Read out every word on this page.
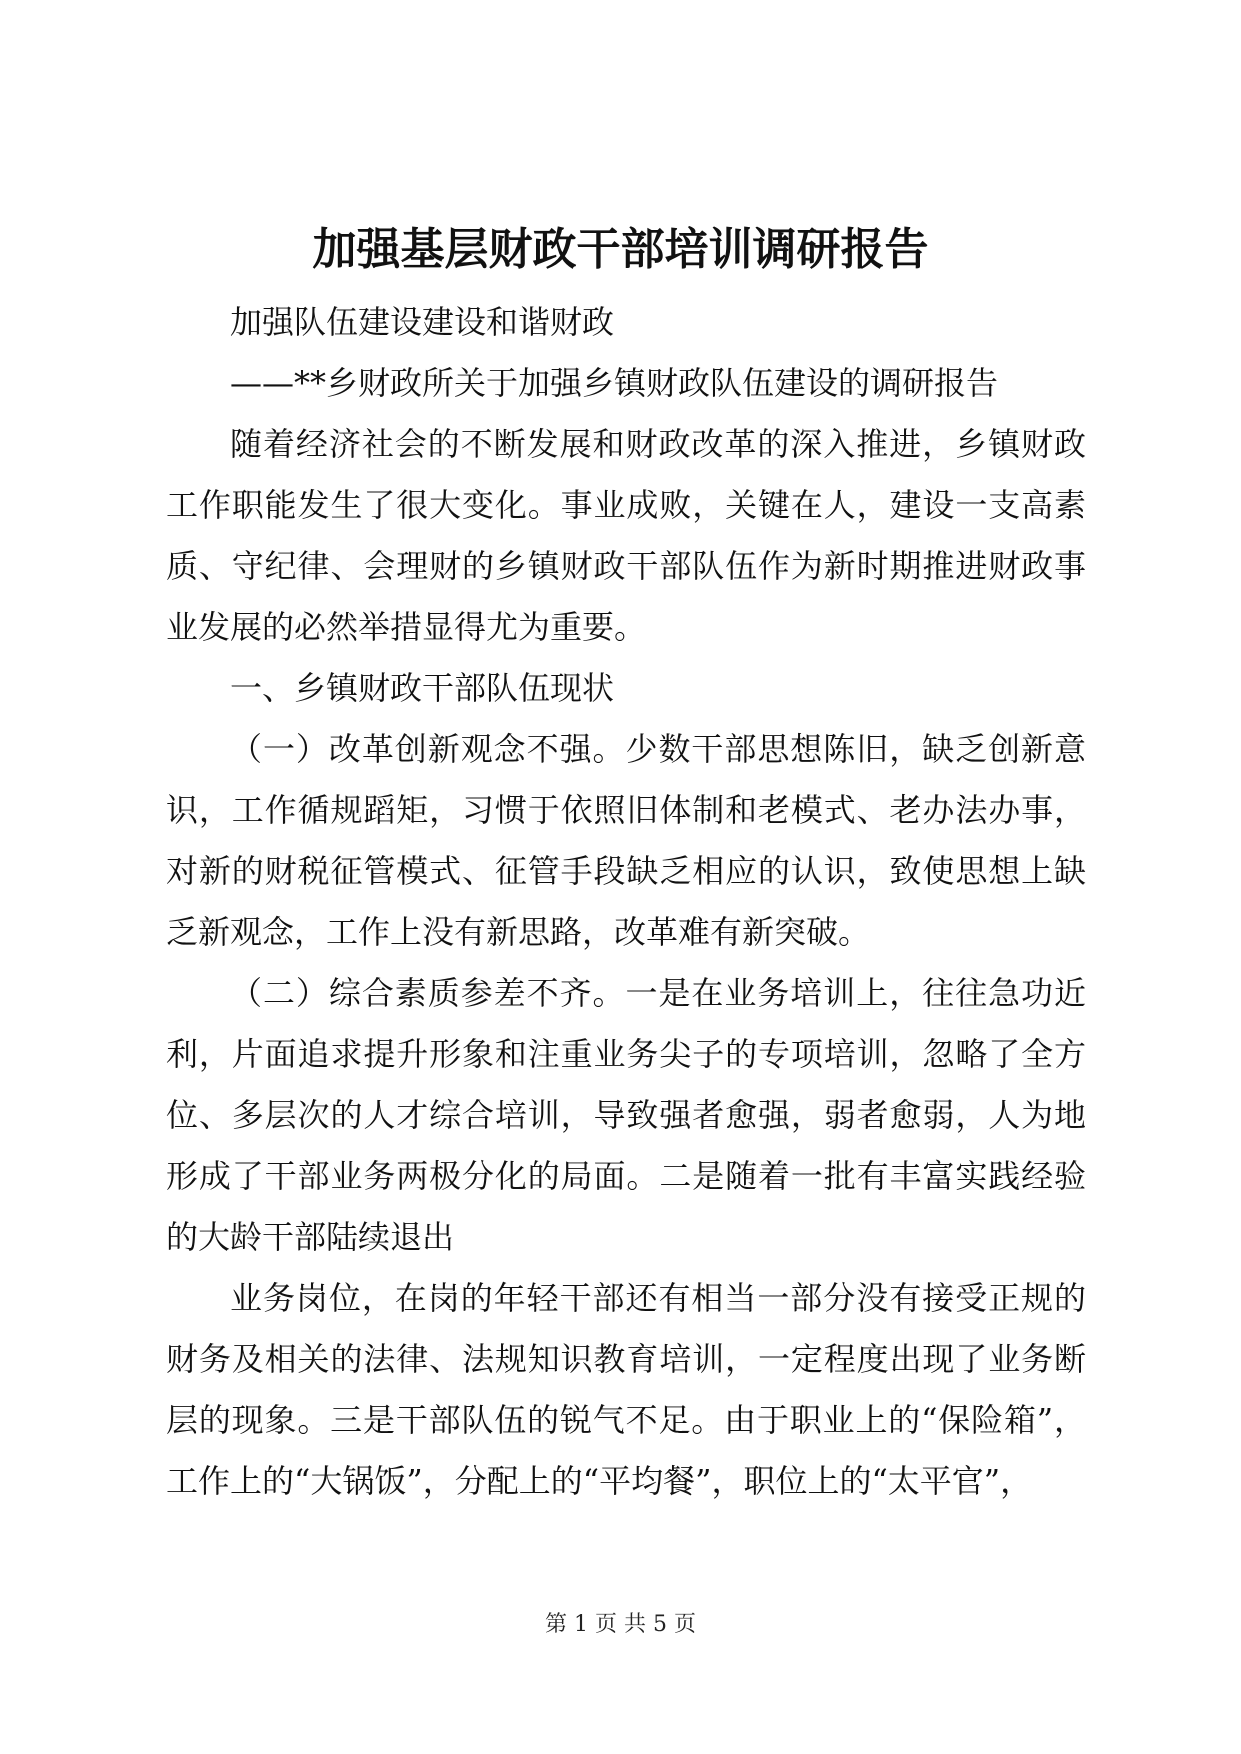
加强基层财政干部培训调研报告

加强队伍建设建设和谐财政

——**乡财政所关于加强乡镇财政队伍建设的调研报告

随着经济社会的不断发展和财政改革的深入推进，乡镇财政工作职能发生了很大变化。事业成败，关键在人，建设一支高素质、守纪律、会理财的乡镇财政干部队伍作为新时期推进财政事业发展的必然举措显得尤为重要。

一、乡镇财政干部队伍现状

（一）改革创新观念不强。少数干部思想陈旧，缺乏创新意识，工作循规蹈矩，习惯于依照旧体制和老模式、老办法办事，对新的财税征管模式、征管手段缺乏相应的认识，致使思想上缺乏新观念，工作上没有新思路，改革难有新突破。

（二）综合素质参差不齐。一是在业务培训上，往往急功近利，片面追求提升形象和注重业务尖子的专项培训，忽略了全方位、多层次的人才综合培训，导致强者愈强，弱者愈弱，人为地形成了干部业务两极分化的局面。二是随着一批有丰富实践经验的大龄干部陆续退出

业务岗位，在岗的年轻干部还有相当一部分没有接受正规的财务及相关的法律、法规知识教育培训，一定程度出现了业务断层的现象。三是干部队伍的锐气不足。由于职业上的“保险箱”，工作上的“大锅饭”，分配上的“平均餐”，职位上的“太平官”，

第 1 页 共 5 页
